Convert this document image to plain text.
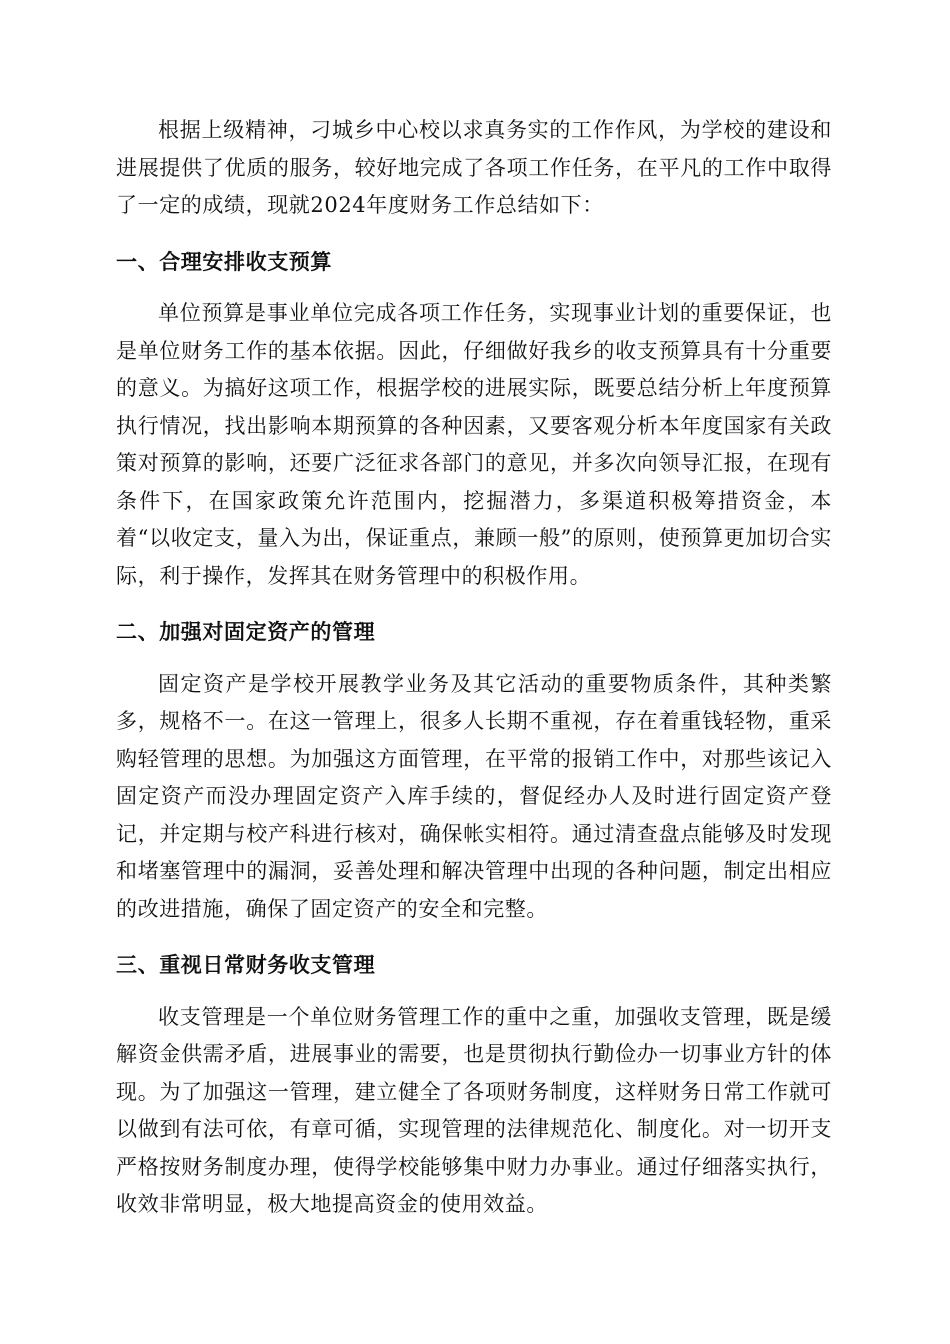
根据上级精神，刁城乡中心校以求真务实的工作作风，为学校的建设和进展提供了优质的服务，较好地完成了各项工作任务，在平凡的工作中取得了一定的成绩，现就2024年度财务工作总结如下：

一、合理安排收支预算

单位预算是事业单位完成各项工作任务，实现事业计划的重要保证，也是单位财务工作的基本依据。因此，仔细做好我乡的收支预算具有十分重要的意义。为搞好这项工作，根据学校的进展实际，既要总结分析上年度预算执行情况，找出影响本期预算的各种因素，又要客观分析本年度国家有关政策对预算的影响，还要广泛征求各部门的意见，并多次向领导汇报，在现有条件下，在国家政策允许范围内，挖掘潜力，多渠道积极筹措资金，本着“以收定支，量入为出，保证重点，兼顾一般”的原则，使预算更加切合实际，利于操作，发挥其在财务管理中的积极作用。

二、加强对固定资产的管理

固定资产是学校开展教学业务及其它活动的重要物质条件，其种类繁多，规格不一。在这一管理上，很多人长期不重视，存在着重钱轻物，重采购轻管理的思想。为加强这方面管理，在平常的报销工作中，对那些该记入固定资产而没办理固定资产入库手续的，督促经办人及时进行固定资产登记，并定期与校产科进行核对，确保帐实相符。通过清查盘点能够及时发现和堵塞管理中的漏洞，妥善处理和解决管理中出现的各种问题，制定出相应的改进措施，确保了固定资产的安全和完整。

三、重视日常财务收支管理

收支管理是一个单位财务管理工作的重中之重，加强收支管理，既是缓解资金供需矛盾，进展事业的需要，也是贯彻执行勤俭办一切事业方针的体现。为了加强这一管理，建立健全了各项财务制度，这样财务日常工作就可以做到有法可依，有章可循，实现管理的法律规范化、制度化。对一切开支严格按财务制度办理，使得学校能够集中财力办事业。通过仔细落实执行，收效非常明显，极大地提高资金的使用效益。
